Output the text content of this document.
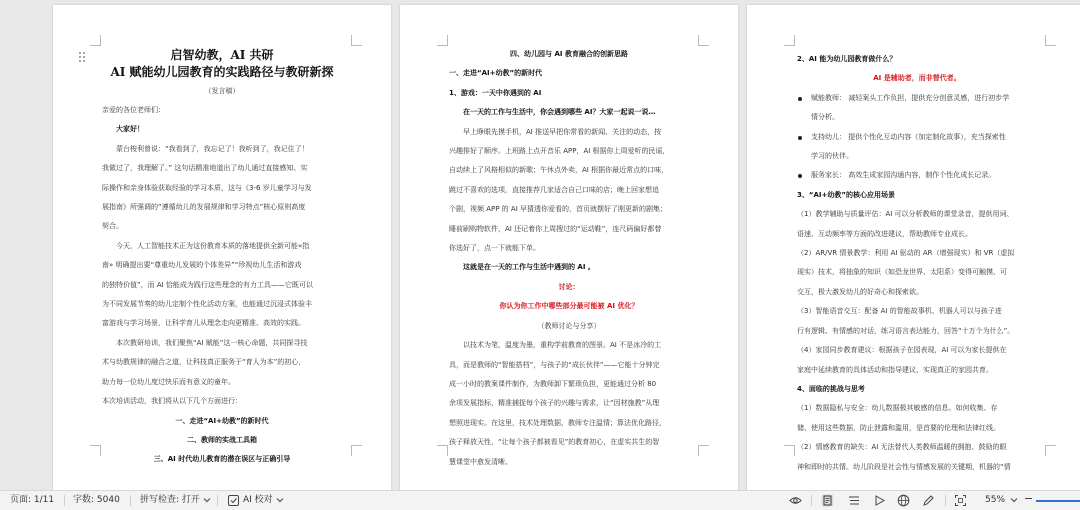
启智幼教，AI 共研

AI 赋能幼儿园教育的实践路径与教研新探

（发言稿）

亲爱的各位老师们：

大家好！

蒙台梭利曾说：“我看到了，我忘记了！我听到了，我记住了！

我做过了，我理解了。” 这句话精准地道出了幼儿通过直接感知、实

际操作和亲身体验获取经验的学习本质，这与《3-6 岁儿童学习与发

展指南》所强调的“遵循幼儿的发展规律和学习特点”核心原则高度

契合。

今天，人工智能技术正为这份教育本质的落地提供全新可能«指

南» 明确提出要“尊重幼儿发展的个体差异”“珍视幼儿生活和游戏

的独特价值”，而 AI 恰能成为践行这些理念的有力工具——它既可以

为不同发展节奏的幼儿定制个性化活动方案，也能通过沉浸式体验丰

富游戏与学习场景，让科学育儿从理念走向更精准、高效的实践。

本次教研培训，我们聚焦“AI 赋能”这一核心命题，共同探寻技

术与幼教规律的融合之道，让科技真正服务于“育人为本”的初心，

助力每一位幼儿度过快乐而有意义的童年。

本次培训活动，我们将从以下几个方面进行：

一、走进“AI+幼教”的新时代

二、教师的实战工具箱

三、AI 时代幼儿教育的潜在误区与正确引导

四、幼儿园与 AI 教育融合的创新思路

一、走进“AI+幼教”的新时代

1、游戏：一天中你遇到的 AI

在一天的工作与生活中，你会遇到哪些 AI？大家一起说一说…

早上睁眼先摸手机，AI 推送早把你常看的新闻、关注的动态，按

兴趣排好了顺序。上班路上点开音乐 APP，AI 根据你上周爱听的民谣，

自动续上了风格相似的新歌；午休点外卖，AI 根据你最近常点的口味，

跳过不喜欢的选项，直接推荐几家适合自己口味的店；晚上回家想追

个剧，视频 APP 的 AI 早猜透你爱看的，首页就摆好了刚更新的剧集；

睡前刷购物软件，AI 还记着你上周搜过的“运动鞋”，连尺码偏好都替

你选好了，点一下就能下单。

这就是在一天的工作与生活中遇到的 AI 。

讨论：

你认为你工作中哪些部分最可能被 AI 优化？

（教师讨论与分享）

以技术为笔，温度为墨，重构学前教育的图景。AI 不是冰冷的工

具，而是教师的“智能搭档”，与孩子的“成长伙伴”——它能十分钟完

成一小时的教案课件制作，为教师卸下繁琐负担，更能通过分析 80

余项发展指标，精准捕捉每个孩子的兴趣与需求，让“因材施教”从理

想照进现实。在这里，技术处理数据，教师专注温情；算法优化路径，

孩子释放天性，“让每个孩子都被看见”的教育初心，在虚实共生的智

慧课堂中愈发清晰。

2、AI 能为幼儿园教育做什么？

AI 是辅助者，而非替代者。

赋能教师： 减轻案头工作负担，提供充分创意灵感，进行初步学

情分析。

支持幼儿： 提供个性化互动内容（加定制化故事），充当探索性

学习的伙伴。

服务家长： 高效生成家园沟通内容，制作个性化成长记录。

3、“AI+幼教”的核心应用场景

（1）教学辅助与质量评估：AI 可以分析教师的课堂录音，提供用词、

语速、互动频率等方面的改进建议，帮助教师专业成长。

（2）AR/VR 情景教学：利用 AI 驱动的 AR（增强现实）和 VR（虚拟

现实）技术，将抽象的知识（如恐龙世界、太阳系）变得可触摸、可

交互，极大激发幼儿的好奇心和探索欲。

（3）智能语音交互：配备 AI 的智能故事机、机器人可以与孩子进

行有逻辑、有情感的对话，练习语言表达能力，回答“十万个为什么”。

（4）家园同步教育建议：根据孩子在园表现，AI 可以为家长提供在

家庭中延续教育的具体活动和指导建议，实现真正的家园共育。

4、面临的挑战与思考

（1）数据隐私与安全：幼儿数据极其敏感的信息。如何收集、存

储、使用这些数据，防止泄露和滥用，是首要的伦理和法律红线。

（2）情感教育的缺失：AI 无法替代人类教师温暖的拥抱、鼓励的眼

神和即时的共情。幼儿阶段是社会性与情感发展的关键期，机器的“情

页面: 1/11 字数: 5040 拼写检查: 打开	AI 校对	55% −
